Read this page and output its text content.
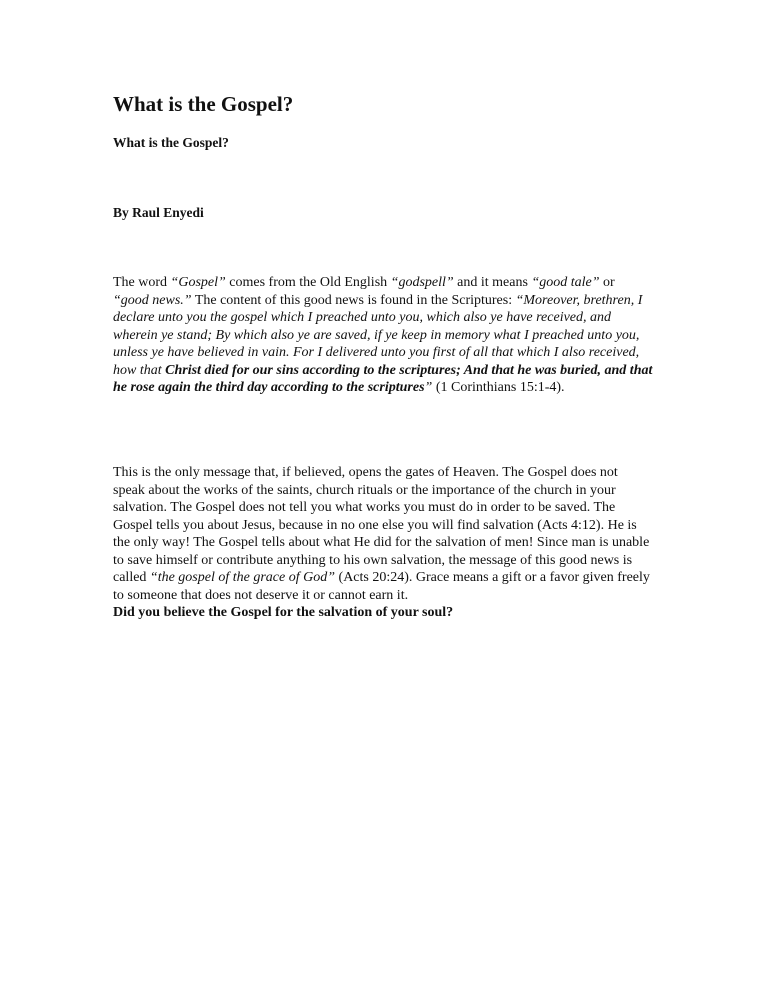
What is the Gospel?
What is the Gospel?

By Raul Enyedi

The word “Gospel” comes from the Old English “godspell” and it means “good tale” or “good news.” The content of this good news is found in the Scriptures: “Moreover, brethren, I declare unto you the gospel which I preached unto you, which also ye have received, and wherein ye stand; By which also ye are saved, if ye keep in memory what I preached unto you, unless ye have believed in vain. For I delivered unto you first of all that which I also received, how that Christ died for our sins according to the scriptures; And that he was buried, and that he rose again the third day according to the scriptures” (1 Corinthians 15:1-4).

This is the only message that, if believed, opens the gates of Heaven. The Gospel does not speak about the works of the saints, church rituals or the importance of the church in your salvation. The Gospel does not tell you what works you must do in order to be saved. The Gospel tells you about Jesus, because in no one else you will find salvation (Acts 4:12). He is the only way! The Gospel tells about what He did for the salvation of men! Since man is unable to save himself or contribute anything to his own salvation, the message of this good news is called “the gospel of the grace of God” (Acts 20:24). Grace means a gift or a favor given freely to someone that does not deserve it or cannot earn it.
Did you believe the Gospel for the salvation of your soul?
